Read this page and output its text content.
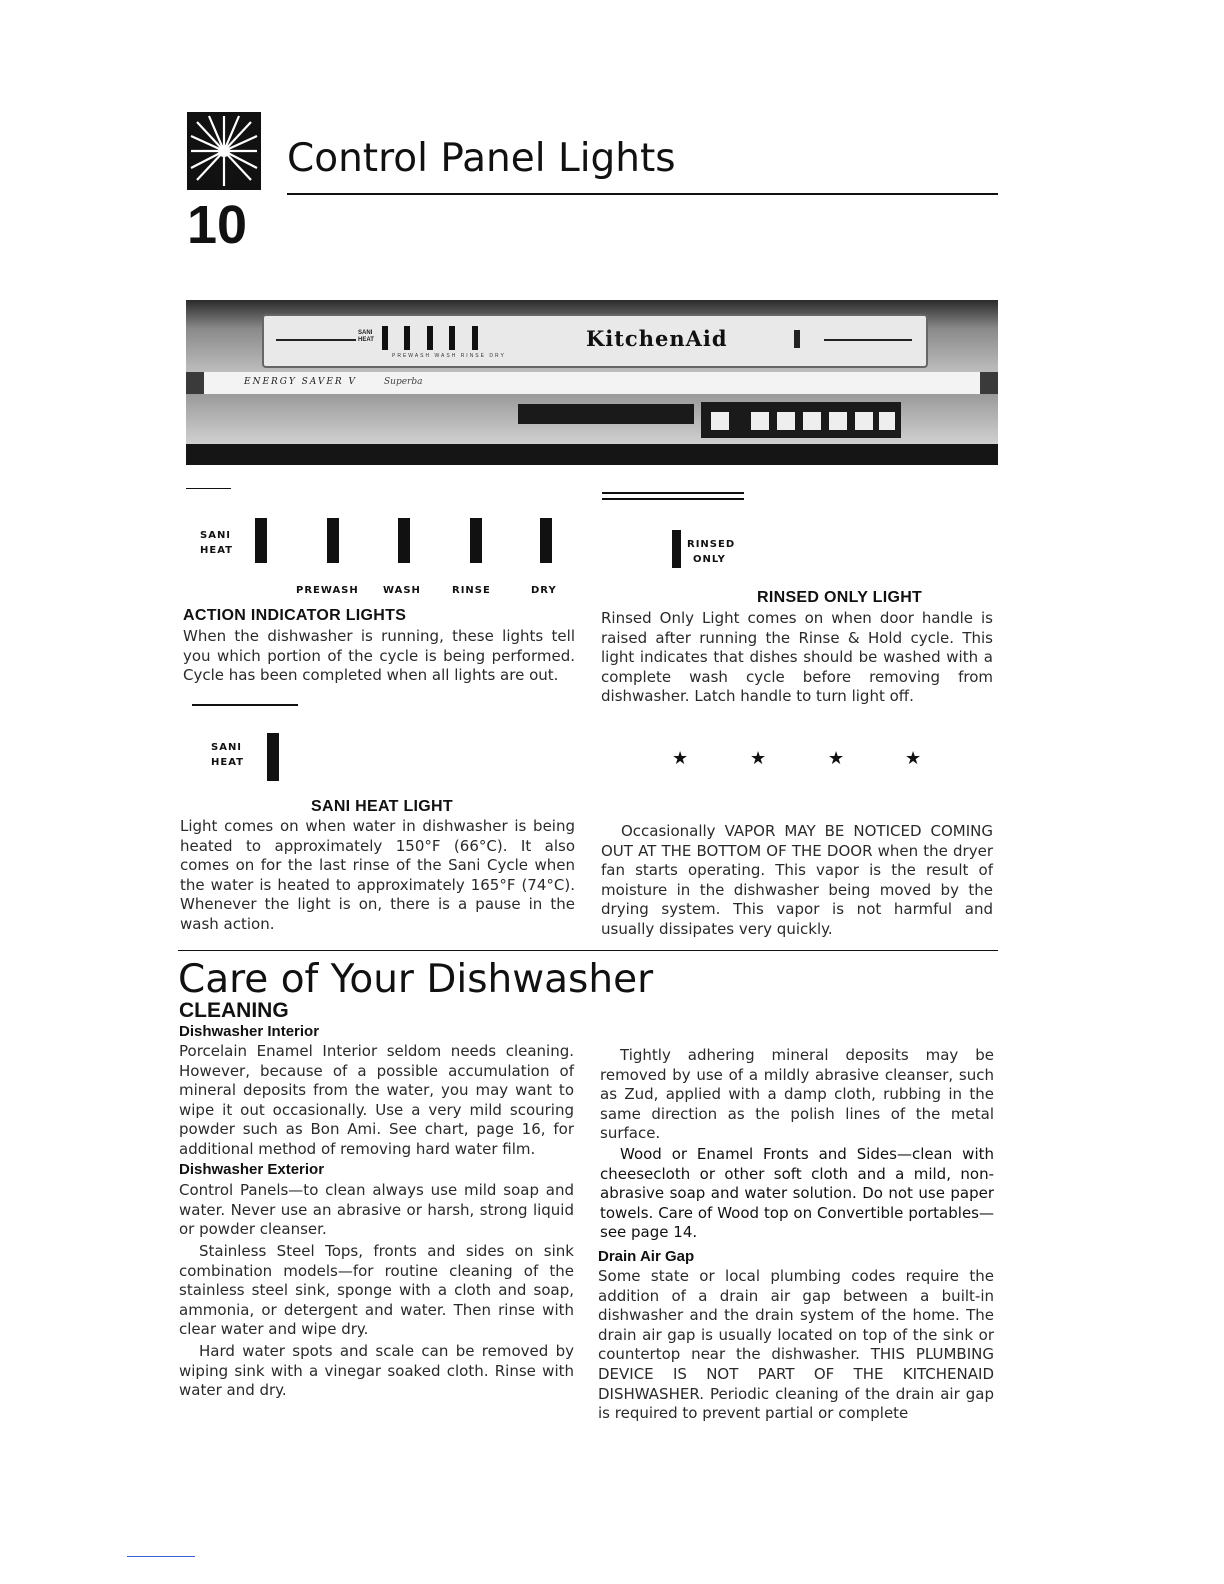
10
Control Panel Lights
SANI HEAT

PREWASH WASH RINSE DRY
KitchenAid
ENERGY SAVER V	Superba
SANI
HEAT
PREWASH WASH	RINSE	DRY
ACTION INDICATOR LIGHTS

When the dishwasher is running, these lights tell you which portion of the cycle is being performed. Cycle has been completed when all lights are out.

SANI
HEAT
SANI HEAT LIGHT

Light comes on when water in dishwasher is being heated to approximately 150°F (66°C). It also comes on for the last rinse of the Sani Cycle when the water is heated to approximately 165°F (74°C). Whenever the light is on, there is a pause in the wash action.

RINSED
ONLY
RINSED ONLY LIGHT

Rinsed Only Light comes on when door handle is raised after running the Rinse & Hold cycle. This light indicates that dishes should be washed with a complete wash cycle before removing from dishwasher. Latch handle to turn light off.

★	★	★	★

Occasionally VAPOR MAY BE NOTICED COMING OUT AT THE BOTTOM OF THE DOOR when the dryer fan starts operating. This vapor is the result of moisture in the dishwasher being moved by the drying system. This vapor is not harmful and usually dissipates very quickly.

Care of Your Dishwasher
CLEANING
Dishwasher Interior

Porcelain Enamel Interior seldom needs cleaning. However, because of a possible accumulation of mineral deposits from the water, you may want to wipe it out occasionally. Use a very mild scouring powder such as Bon Ami. See chart, page 16, for additional method of removing hard water film.

Dishwasher Exterior

Control Panels—to clean always use mild soap and water. Never use an abrasive or harsh, strong liquid or powder cleanser.

Stainless Steel Tops, fronts and sides on sink combination models—for routine cleaning of the stainless steel sink, sponge with a cloth and soap, ammonia, or detergent and water. Then rinse with clear water and wipe dry.

Hard water spots and scale can be removed by wiping sink with a vinegar soaked cloth. Rinse with water and dry.

Tightly adhering mineral deposits may be removed by use of a mildly abrasive cleanser, such as Zud, applied with a damp cloth, rubbing in the same direction as the polish lines of the metal surface.

Wood or Enamel Fronts and Sides—clean with cheesecloth or other soft cloth and a mild, non-abrasive soap and water solution. Do not use paper towels. Care of Wood top on Convertible portables—see page 14.

Drain Air Gap

Some state or local plumbing codes require the addition of a drain air gap between a built-in dishwasher and the drain system of the home. The drain air gap is usually located on top of the sink or countertop near the dishwasher. THIS PLUMBING DEVICE IS NOT PART OF THE KITCHENAID DISHWASHER. Periodic cleaning of the drain air gap is required to prevent partial or complete
